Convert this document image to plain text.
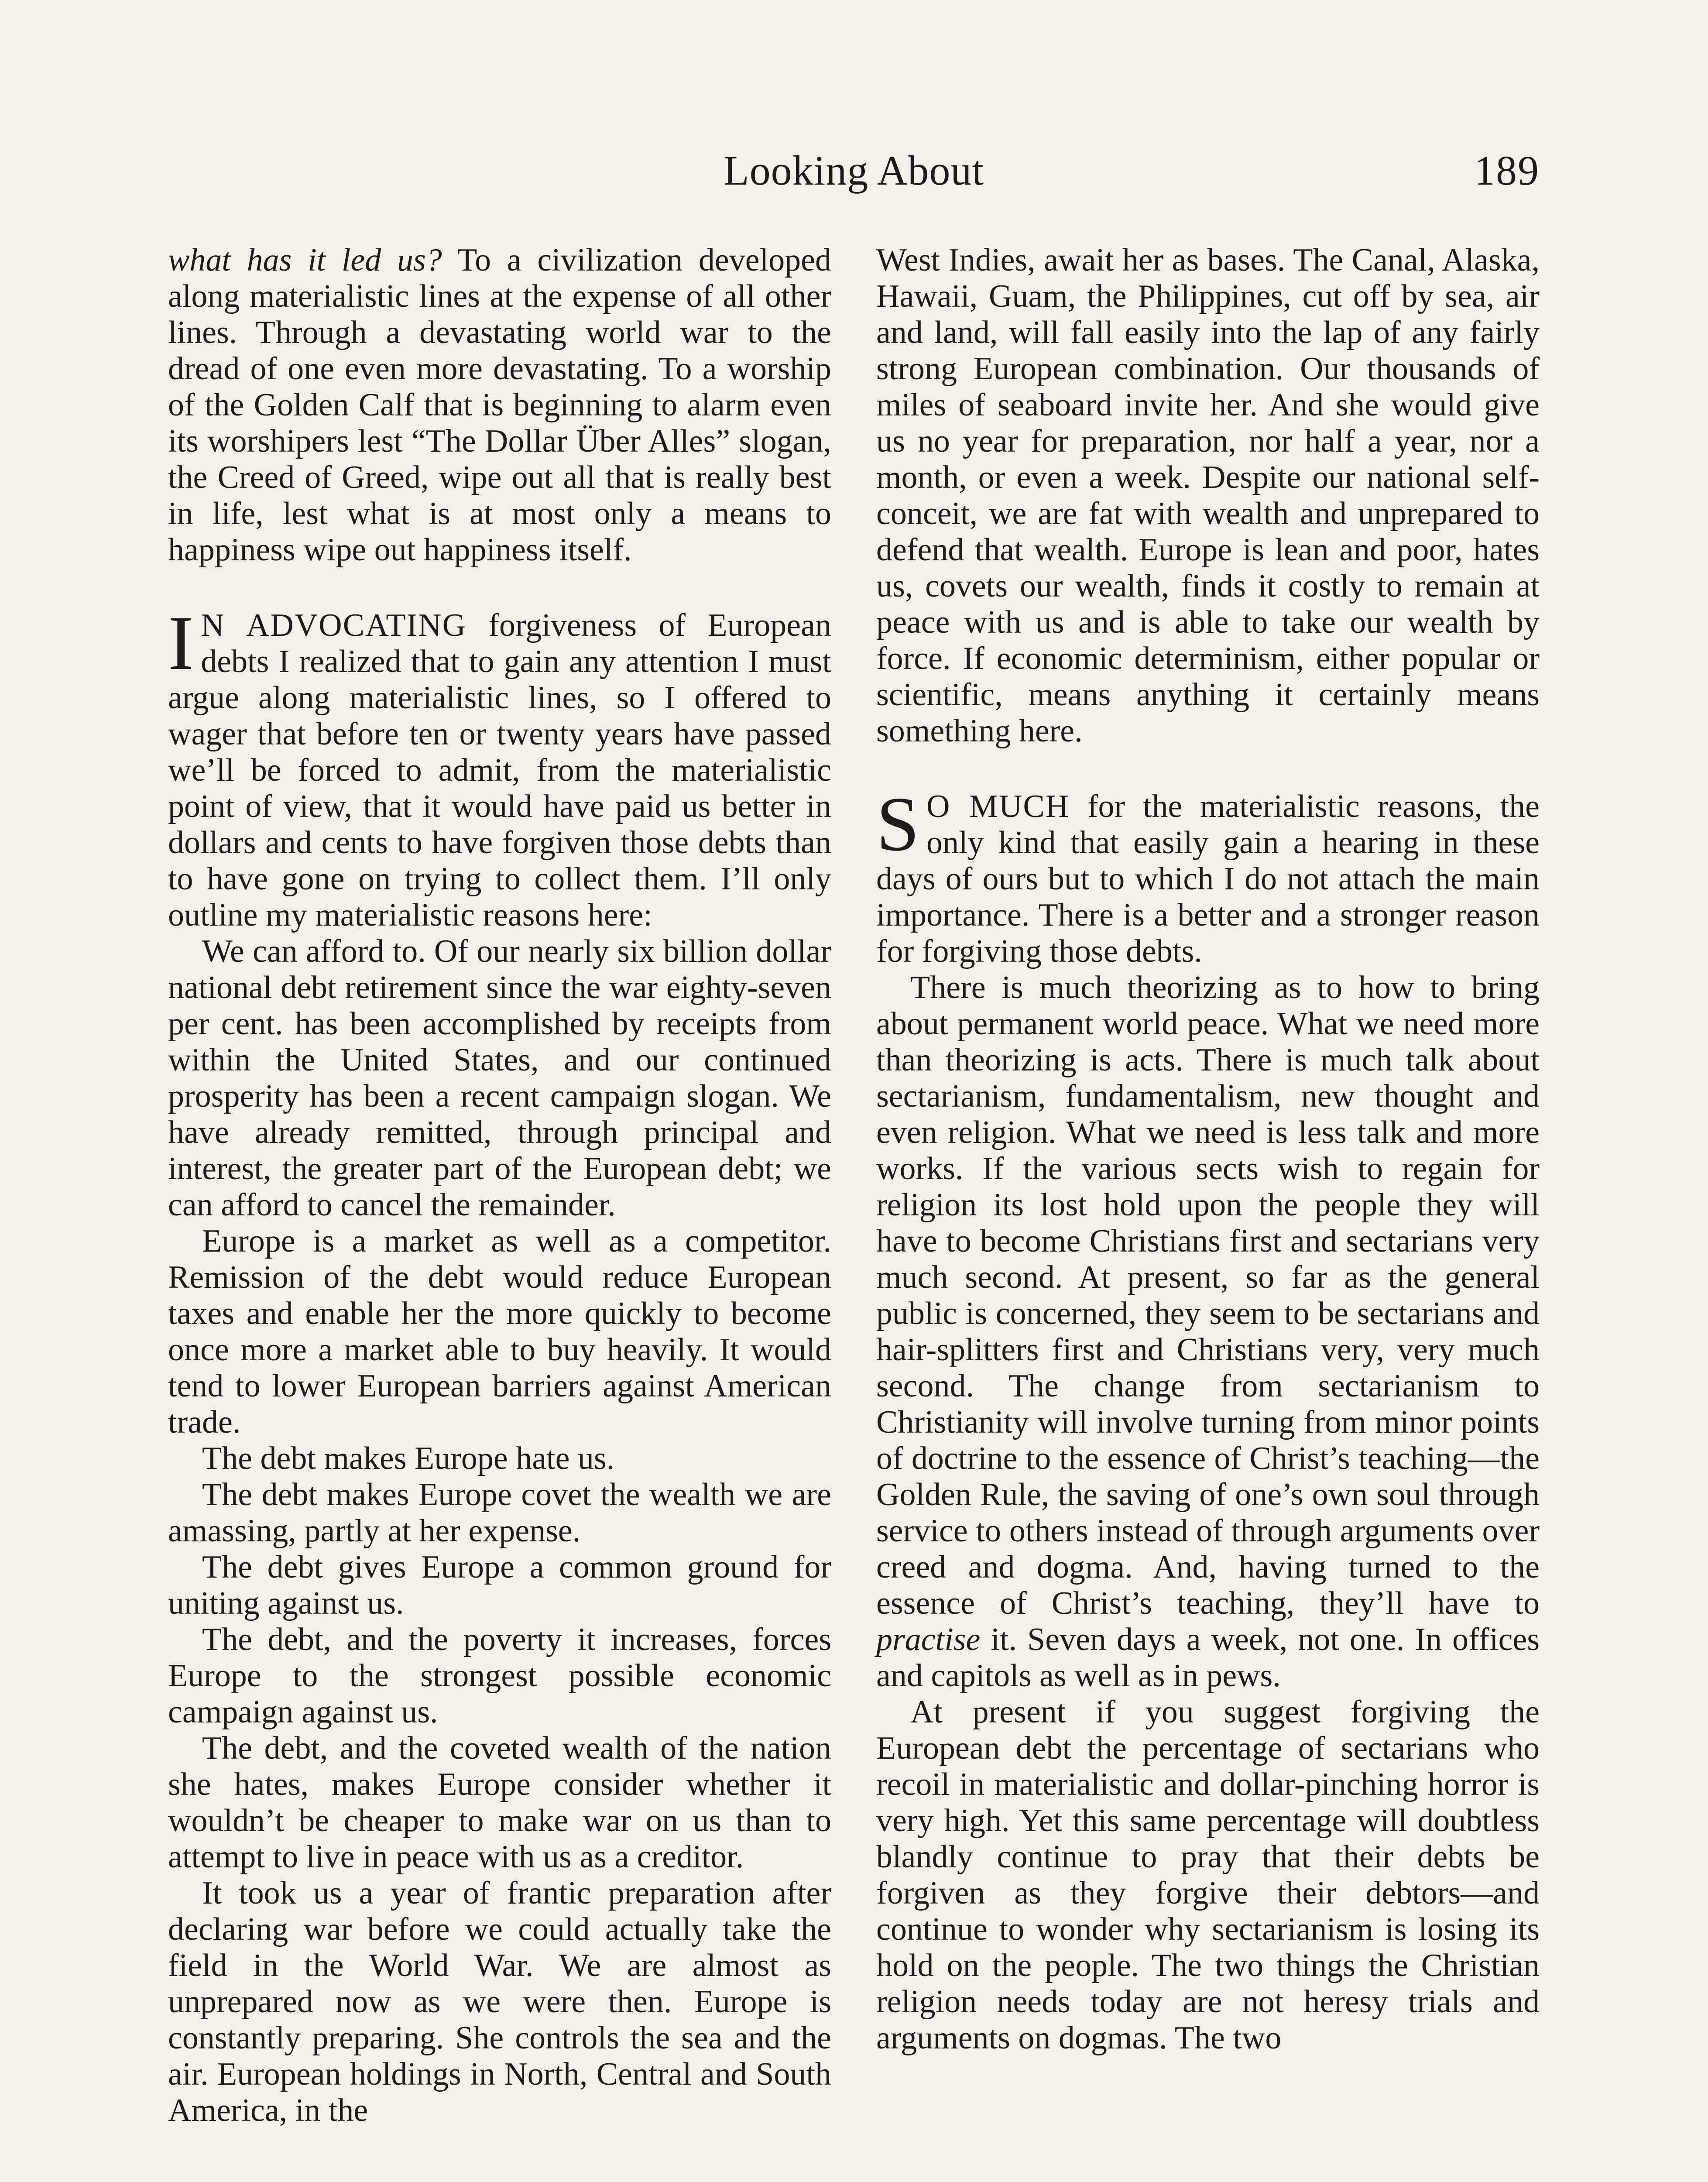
Looking About	189

what has it led us? To a civilization developed along materialistic lines at the expense of all other lines. Through a devastating world war to the dread of one even more devastating. To a worship of the Golden Calf that is beginning to alarm even its worshipers lest “The Dollar Über Alles” slogan, the Creed of Greed, wipe out all that is really best in life, lest what is at most only a means to happiness wipe out happiness itself.

I N ADVOCATING forgiveness of European debts I realized that to gain any attention I must argue along materialistic lines, so I offered to wager that before ten or twenty years have passed we’ll be forced to admit, from the materialistic point of view, that it would have paid us better in dollars and cents to have forgiven those debts than to have gone on trying to collect them. I’ll only outline my materialistic reasons here:

We can afford to. Of our nearly six billion dollar national debt retirement since the war eighty-seven per cent. has been accomplished by receipts from within the United States, and our continued prosperity has been a recent campaign slogan. We have already remitted, through principal and interest, the greater part of the European debt; we can afford to cancel the remainder.

Europe is a market as well as a competitor. Remission of the debt would reduce European taxes and enable her the more quickly to become once more a market able to buy heavily. It would tend to lower European barriers against American trade.

The debt makes Europe hate us.

The debt makes Europe covet the wealth we are amassing, partly at her expense.

The debt gives Europe a common ground for uniting against us.

The debt, and the poverty it increases, forces Europe to the strongest possible economic campaign against us.

The debt, and the coveted wealth of the nation she hates, makes Europe consider whether it wouldn’t be cheaper to make war on us than to attempt to live in peace with us as a creditor.

It took us a year of frantic preparation after declaring war before we could actually take the field in the World War. We are almost as unprepared now as we were then. Europe is constantly preparing. She controls the sea and the air. European holdings in North, Central and South America, in the

West Indies, await her as bases. The Canal, Alaska, Hawaii, Guam, the Philippines, cut off by sea, air and land, will fall easily into the lap of any fairly strong European combination. Our thousands of miles of seaboard invite her. And she would give us no year for preparation, nor half a year, nor a month, or even a week. Despite our national self-conceit, we are fat with wealth and unprepared to defend that wealth. Europe is lean and poor, hates us, covets our wealth, finds it costly to remain at peace with us and is able to take our wealth by force. If economic determinism, either popular or scientific, means anything it certainly means something here.

S O MUCH for the materialistic reasons, the only kind that easily gain a hearing in these days of ours but to which I do not attach the main importance. There is a better and a stronger reason for forgiving those debts.

There is much theorizing as to how to bring about permanent world peace. What we need more than theorizing is acts. There is much talk about sectarianism, fundamentalism, new thought and even religion. What we need is less talk and more works. If the various sects wish to regain for religion its lost hold upon the people they will have to become Christians first and sectarians very much second. At present, so far as the general public is concerned, they seem to be sectarians and hair-splitters first and Christians very, very much second. The change from sectarianism to Christianity will involve turning from minor points of doctrine to the essence of Christ’s teaching—the Golden Rule, the saving of one’s own soul through service to others instead of through arguments over creed and dogma. And, having turned to the essence of Christ’s teaching, they’ll have to practise it. Seven days a week, not one. In offices and capitols as well as in pews.

At present if you suggest forgiving the European debt the percentage of sectarians who recoil in materialistic and dollar-pinching horror is very high. Yet this same percentage will doubtless blandly continue to pray that their debts be forgiven as they forgive their debtors—and continue to wonder why sectarianism is losing its hold on the people. The two things the Christian religion needs today are not heresy trials and arguments on dogmas. The two
